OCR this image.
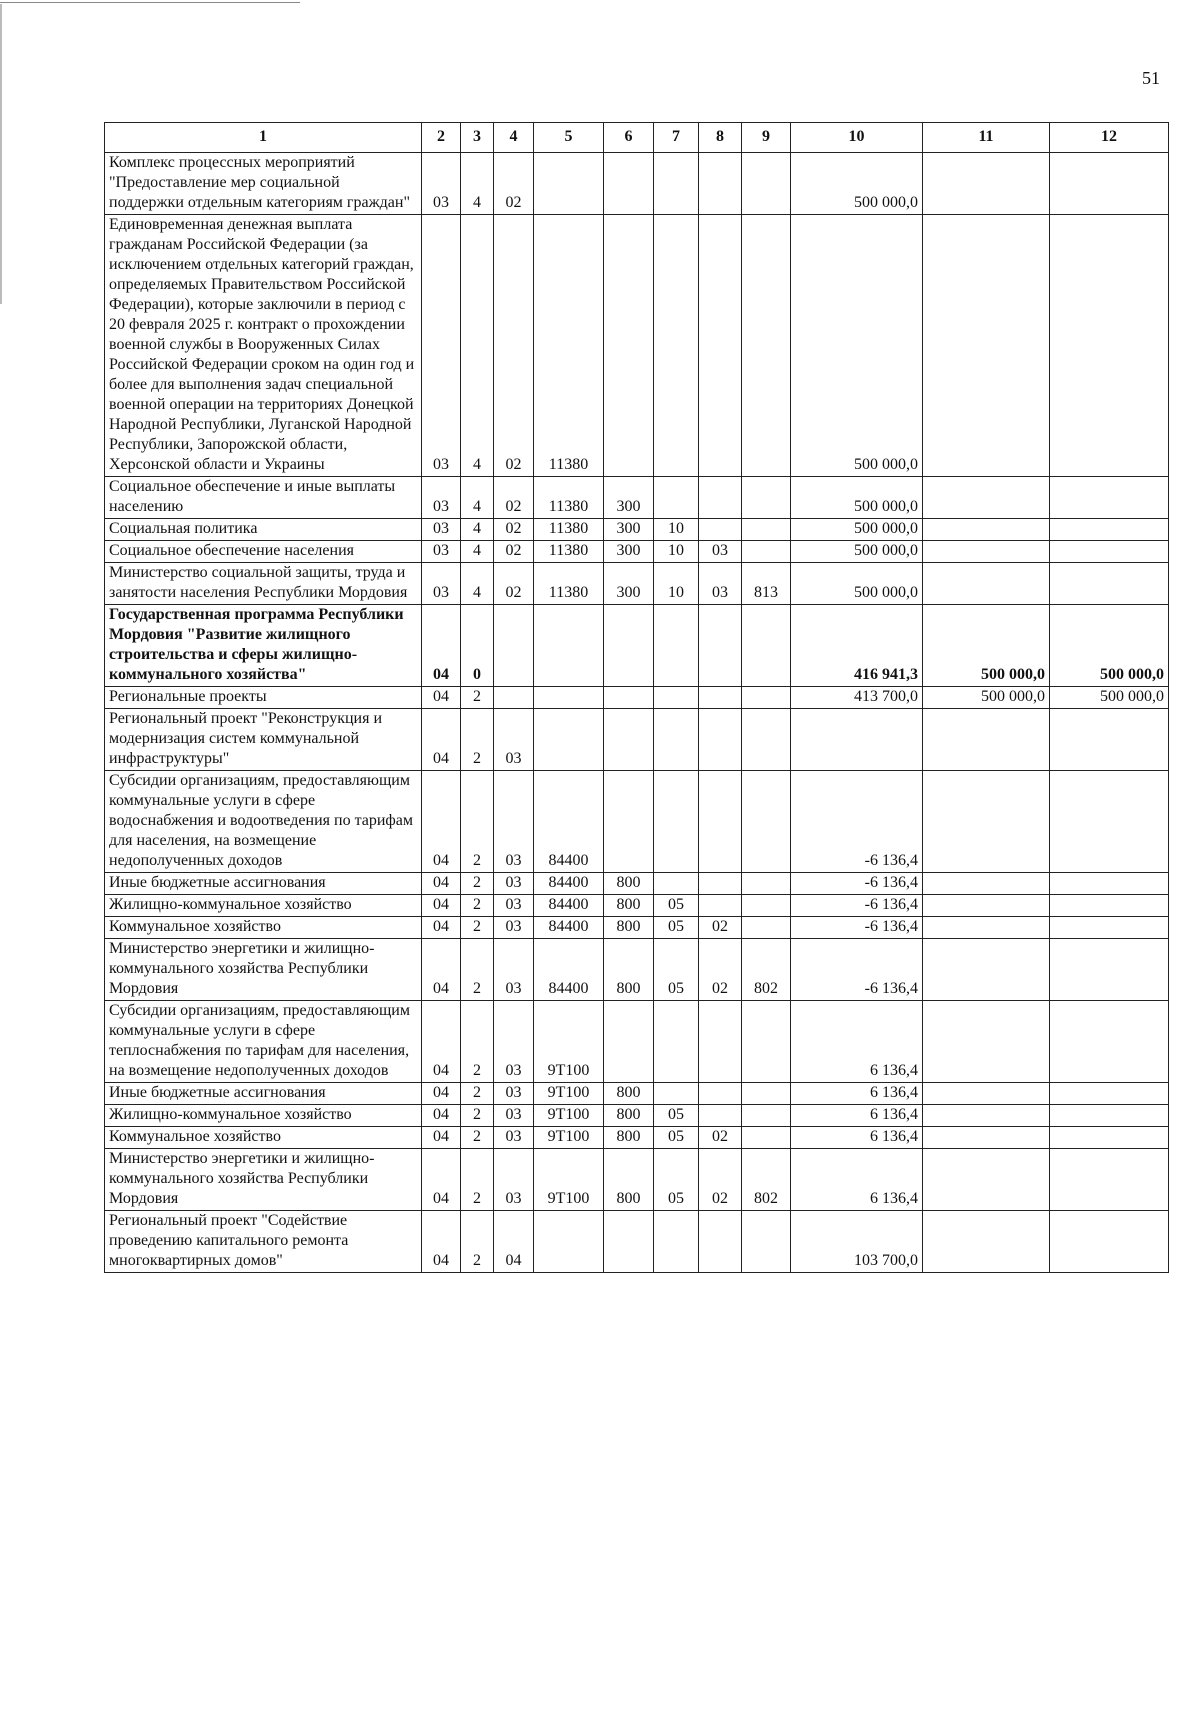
51
1	2	3	4	5	6	7	8	9	10	11	12
Комплекс процессных мероприятий "Предоставление мер социальной поддержки отдельным категориям граждан"	03	4	02						500 000,0		
Единовременная денежная выплата гражданам Российской Федерации (за исключением отдельных категорий граждан, определяемых Правительством Российской Федерации), которые заключили в период с 20 февраля 2025 г. контракт о прохождении военной службы в Вооруженных Силах Российской Федерации сроком на один год и более для выполнения задач специальной военной операции на территориях Донецкой Народной Республики, Луганской Народной Республики, Запорожской области, Херсонской области и Украины	03	4	02	11380					500 000,0		
Социальное обеспечение и иные выплаты населению	03	4	02	11380	300				500 000,0		
Социальная политика	03	4	02	11380	300	10			500 000,0		
Социальное обеспечение населения	03	4	02	11380	300	10	03		500 000,0		
Министерство социальной защиты, труда и занятости населения Республики Мордовия	03	4	02	11380	300	10	03	813	500 000,0		
Государственная программа Республики Мордовия "Развитие жилищного строительства и сферы жилищно-коммунального хозяйства"	04	0							416 941,3	500 000,0	500 000,0
Региональные проекты	04	2							413 700,0	500 000,0	500 000,0
Региональный проект "Реконструкция и модернизация систем коммунальной инфраструктуры"	04	2	03								
Субсидии организациям, предоставляющим коммунальные услуги в сфере водоснабжения и водоотведения по тарифам для населения, на возмещение недополученных доходов	04	2	03	84400					-6 136,4		
Иные бюджетные ассигнования	04	2	03	84400	800				-6 136,4		
Жилищно-коммунальное хозяйство	04	2	03	84400	800	05			-6 136,4		
Коммунальное хозяйство	04	2	03	84400	800	05	02		-6 136,4		
Министерство энергетики и жилищно-коммунального хозяйства Республики Мордовия	04	2	03	84400	800	05	02	802	-6 136,4		
Субсидии организациям, предоставляющим коммунальные услуги в сфере теплоснабжения по тарифам для населения, на возмещение недополученных доходов	04	2	03	9Т100					6 136,4		
Иные бюджетные ассигнования	04	2	03	9Т100	800				6 136,4		
Жилищно-коммунальное хозяйство	04	2	03	9Т100	800	05			6 136,4		
Коммунальное хозяйство	04	2	03	9Т100	800	05	02		6 136,4		
Министерство энергетики и жилищно-коммунального хозяйства Республики Мордовия	04	2	03	9Т100	800	05	02	802	6 136,4		
Региональный проект "Содействие проведению капитального ремонта многоквартирных домов"	04	2	04						103 700,0		
